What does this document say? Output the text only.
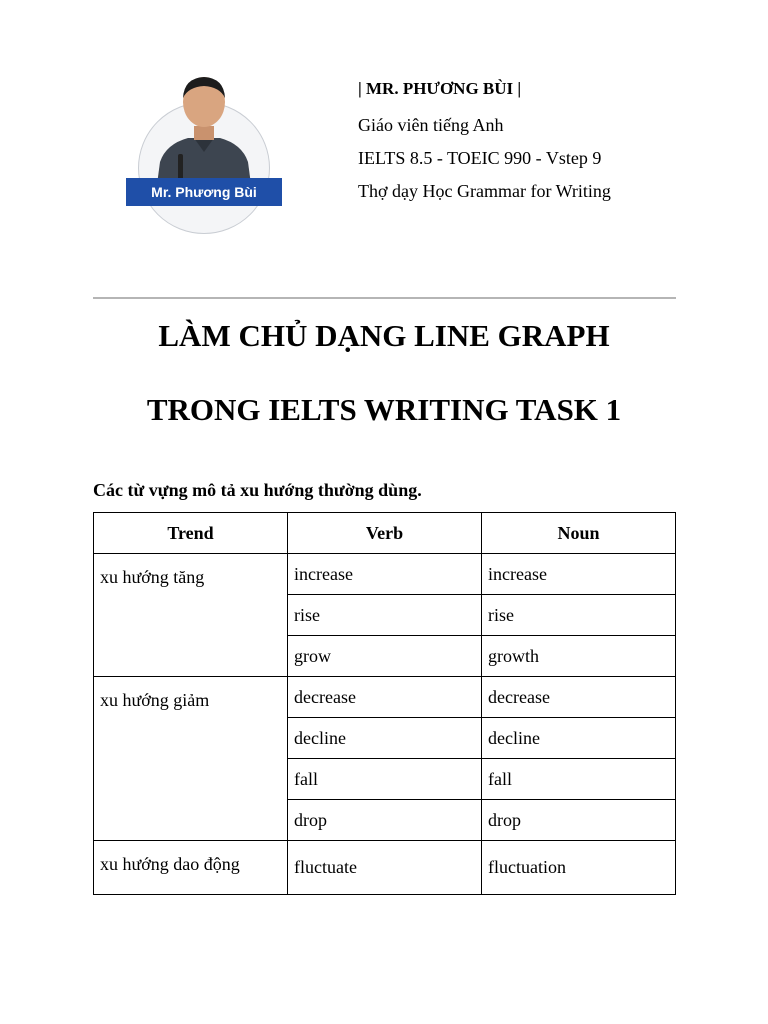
Mr. Phương Bùi
| MR. PHƯƠNG BÙI |
Giáo viên tiếng Anh
IELTS 8.5 - TOEIC 990 - Vstep 9
Thợ dạy Học Grammar for Writing
LÀM CHỦ DẠNG LINE GRAPH
TRONG IELTS WRITING TASK 1
Các từ vựng mô tả xu hướng thường dùng.
Trend	Verb	Noun
xu hướng tăng	increase	increase
	rise	rise
	grow	growth
xu hướng giảm	decrease	decrease
	decline	decline
	fall	fall
	drop	drop
xu hướng dao động	fluctuate	fluctuation
